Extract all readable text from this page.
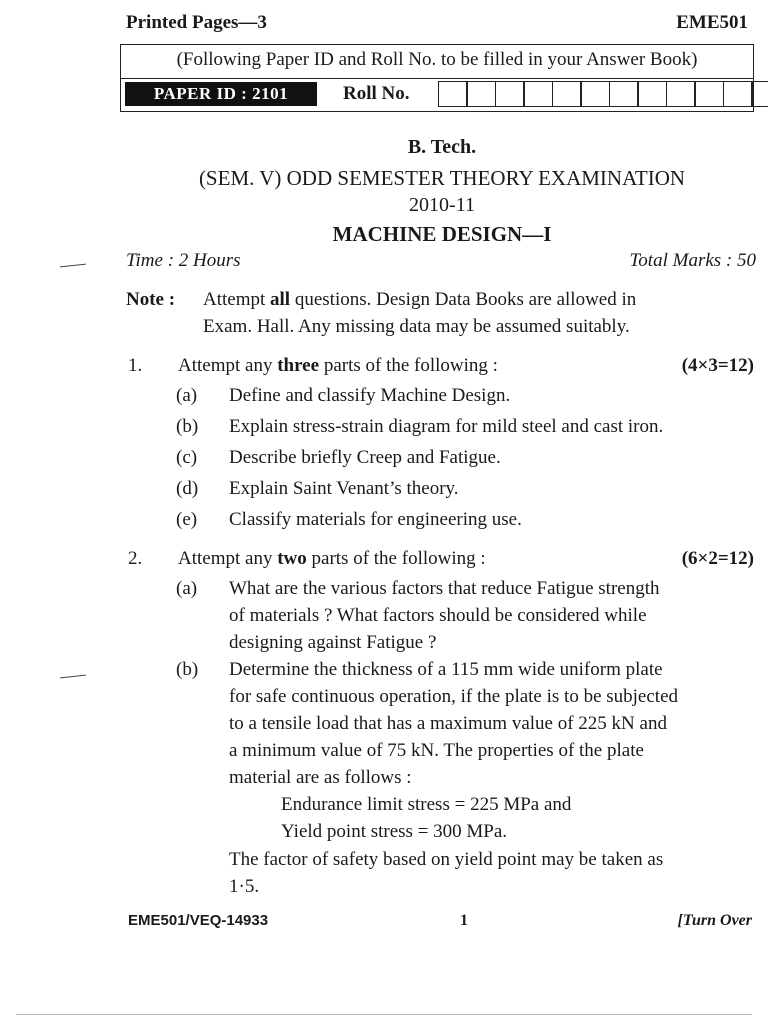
Printed Pages—3	EME501
(Following Paper ID and Roll No. to be filled in your Answer Book)
PAPER ID : 2101	Roll No.
B. Tech.
(SEM. V) ODD SEMESTER THEORY EXAMINATION
2010-11
MACHINE DESIGN—I
Time : 2 Hours	Total Marks : 50
Note : Attempt all questions. Design Data Books are allowed in
Exam. Hall. Any missing data may be assumed suitably.
1. Attempt any three parts of the following :	(4×3=12)
(a) Define and classify Machine Design.
(b) Explain stress-strain diagram for mild steel and cast iron.
(c) Describe briefly Creep and Fatigue.
(d) Explain Saint Venant’s theory.
(e) Classify materials for engineering use.
2. Attempt any two parts of the following :	(6×2=12)
(a) What are the various factors that reduce Fatigue strength
of materials ? What factors should be considered while
designing against Fatigue ?
(b) Determine the thickness of a 115 mm wide uniform plate
for safe continuous operation, if the plate is to be subjected
to a tensile load that has a maximum value of 225 kN and
a minimum value of 75 kN. The properties of the plate
material are as follows :
Endurance limit stress = 225 MPa and
Yield point stress = 300 MPa.
The factor of safety based on yield point may be taken as
1·5.
EME501/VEQ-14933	1	[Turn Over
